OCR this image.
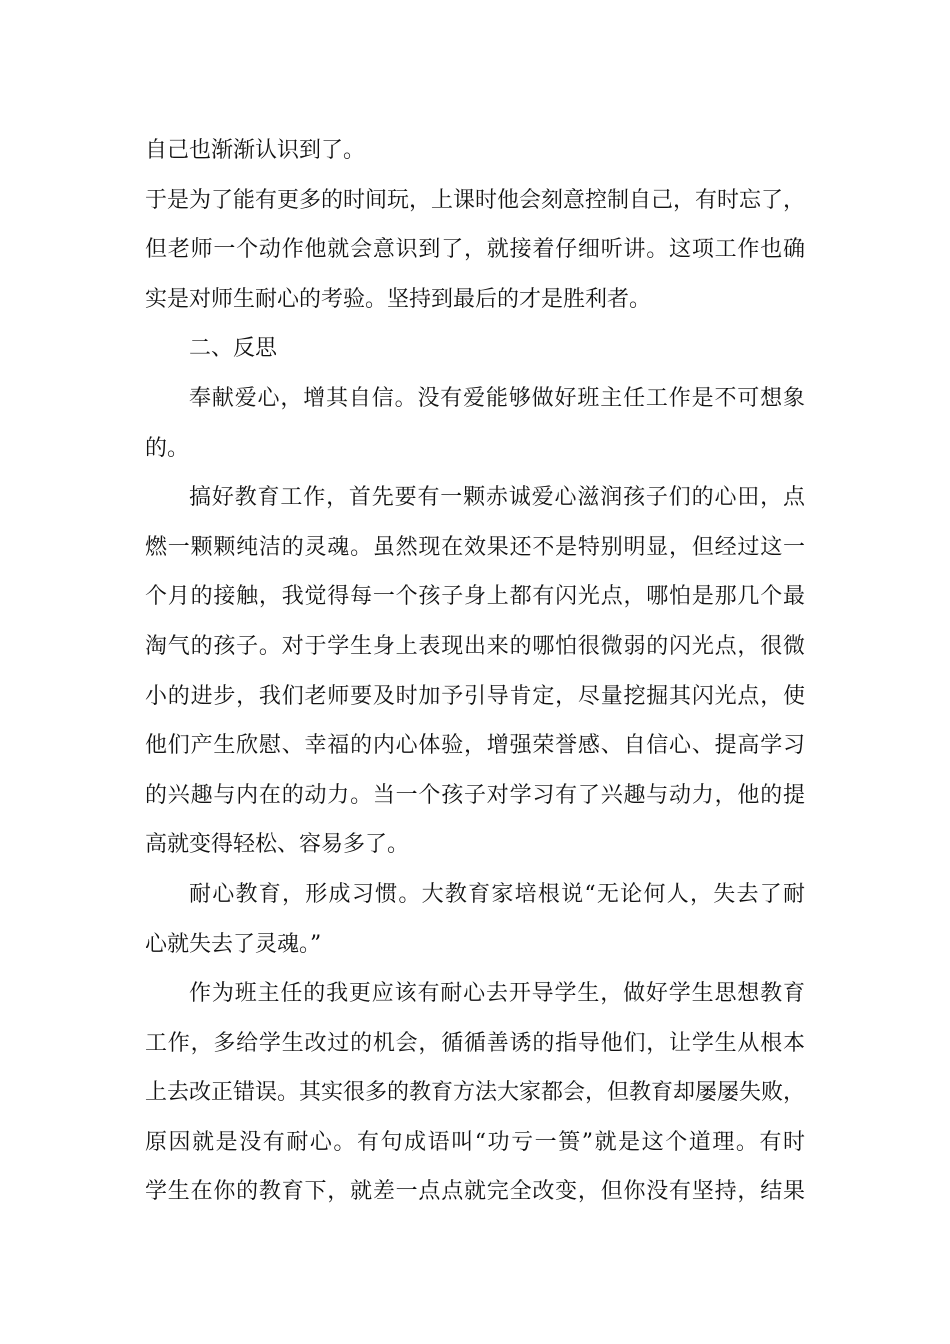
自己也渐渐认识到了。
于是为了能有更多的时间玩，上课时他会刻意控制自己，有时忘了，
但老师一个动作他就会意识到了，就接着仔细听讲。这项工作也确
实是对师生耐心的考验。坚持到最后的才是胜利者。
二、反思
奉献爱心，增其自信。没有爱能够做好班主任工作是不可想象
的。
搞好教育工作，首先要有一颗赤诚爱心滋润孩子们的心田，点
燃一颗颗纯洁的灵魂。虽然现在效果还不是特别明显，但经过这一
个月的接触，我觉得每一个孩子身上都有闪光点，哪怕是那几个最
淘气的孩子。对于学生身上表现出来的哪怕很微弱的闪光点，很微
小的进步，我们老师要及时加予引导肯定，尽量挖掘其闪光点，使
他们产生欣慰、幸福的内心体验，增强荣誉感、自信心、提高学习
的兴趣与内在的动力。当一个孩子对学习有了兴趣与动力，他的提
高就变得轻松、容易多了。
耐心教育，形成习惯。大教育家培根说“无论何人，失去了耐
心就失去了灵魂。”
作为班主任的我更应该有耐心去开导学生，做好学生思想教育
工作，多给学生改过的机会，循循善诱的指导他们，让学生从根本
上去改正错误。其实很多的教育方法大家都会，但教育却屡屡失败，
原因就是没有耐心。有句成语叫“功亏一篑”就是这个道理。有时
学生在你的教育下，就差一点点就完全改变，但你没有坚持，结果
